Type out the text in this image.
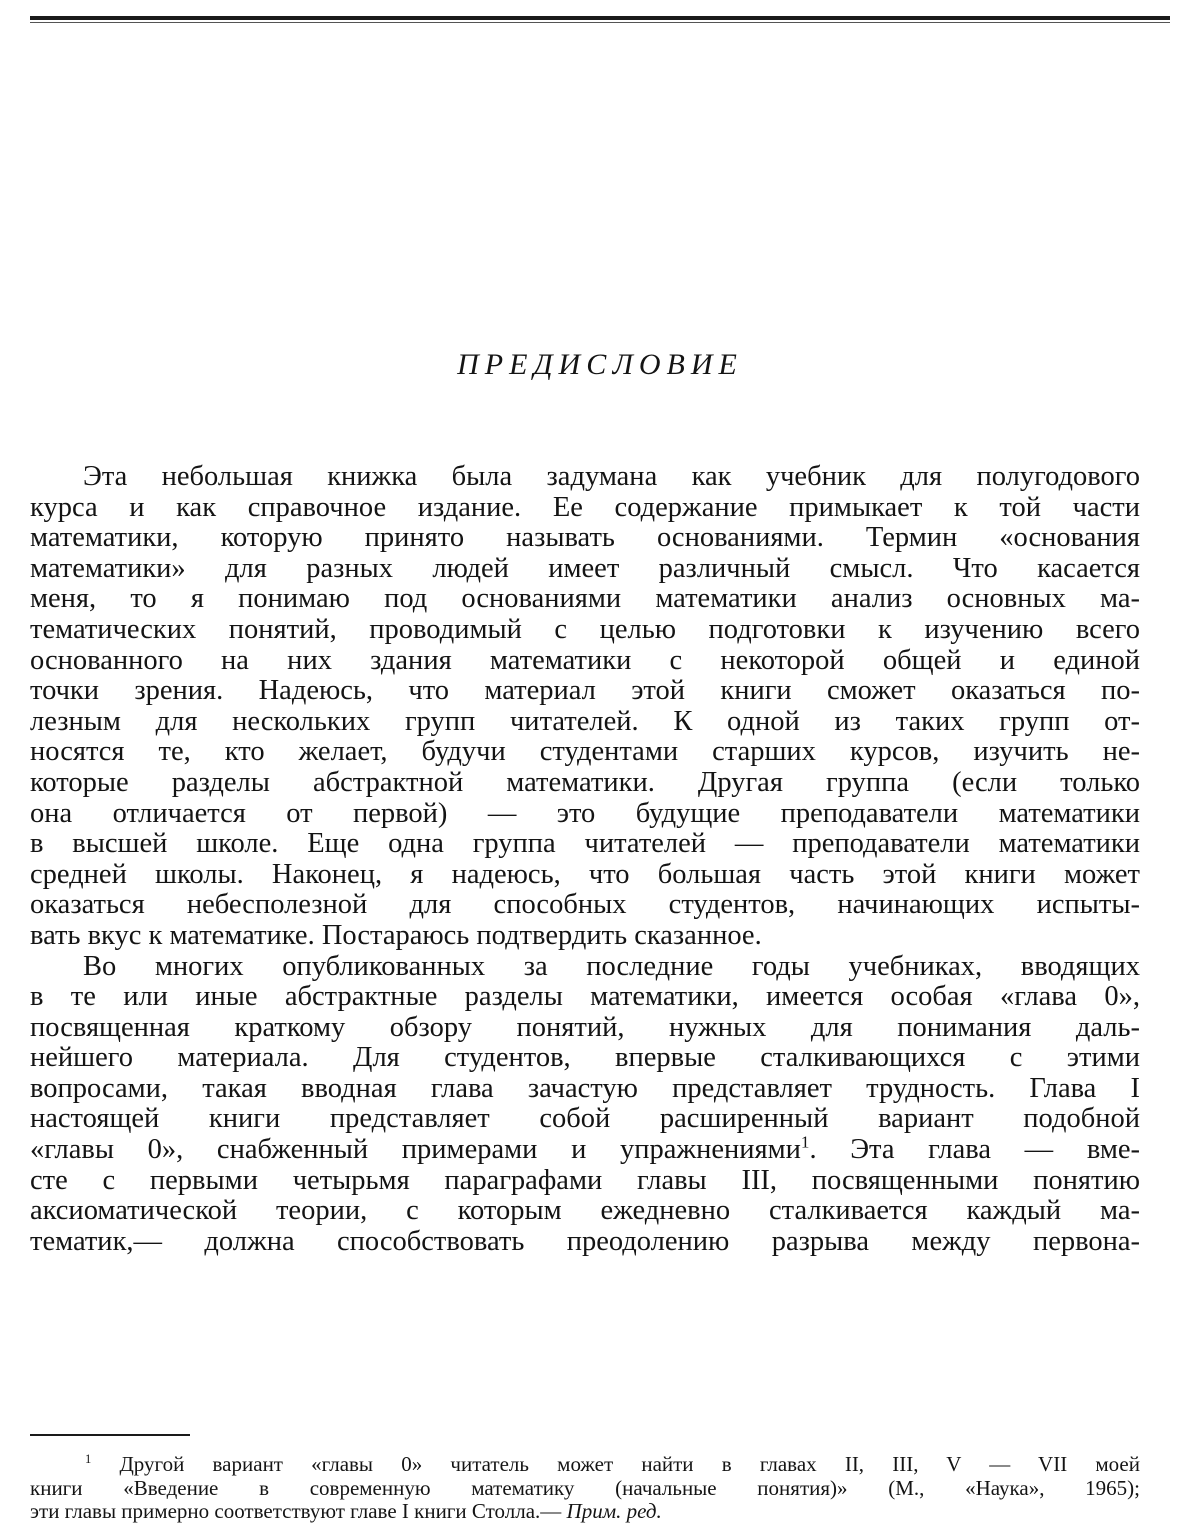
ПРЕДИСЛОВИЕ

Эта небольшая книжка была задумана как учебник для полугодового
курса и как справочное издание. Ее содержание примыкает к той части
математики, которую принято называть основаниями. Термин «основания
математики» для разных людей имеет различный смысл. Что касается
меня, то я понимаю под основаниями математики анализ основных ма-
тематических понятий, проводимый с целью подготовки к изучению всего
основанного на них здания математики с некоторой общей и единой
точки зрения. Надеюсь, что материал этой книги сможет оказаться по-
лезным для нескольких групп читателей. К одной из таких групп от-
носятся те, кто желает, будучи студентами старших курсов, изучить не-
которые разделы абстрактной математики. Другая группа (если только
она отличается от первой) — это будущие преподаватели математики
в высшей школе. Еще одна группа читателей — преподаватели математики
средней школы. Наконец, я надеюсь, что большая часть этой книги может
оказаться небесполезной для способных студентов, начинающих испыты-
вать вкус к математике. Постараюсь подтвердить сказанное.

Во многих опубликованных за последние годы учебниках, вводящих
в те или иные абстрактные разделы математики, имеется особая «глава 0»,
посвященная краткому обзору понятий, нужных для понимания даль-
нейшего материала. Для студентов, впервые сталкивающихся с этими
вопросами, такая вводная глава зачастую представляет трудность. Глава I
настоящей книги представляет собой расширенный вариант подобной
«главы 0», снабженный примерами и упражнениями$^1$. Эта глава — вме-
сте с первыми четырьмя параграфами главы III, посвященными понятию
аксиоматической теории, с которым ежедневно сталкивается каждый ма-
тематик,— должна способствовать преодолению разрыва между первона-

$^1$ Другой вариант «главы 0» читатель может найти в главах II, III, V — VII моей
книги «Введение в современную математику (начальные понятия)» (М., «Наука», 1965);
эти главы примерно соответствуют главе I книги Столла.— Прим. ред.
